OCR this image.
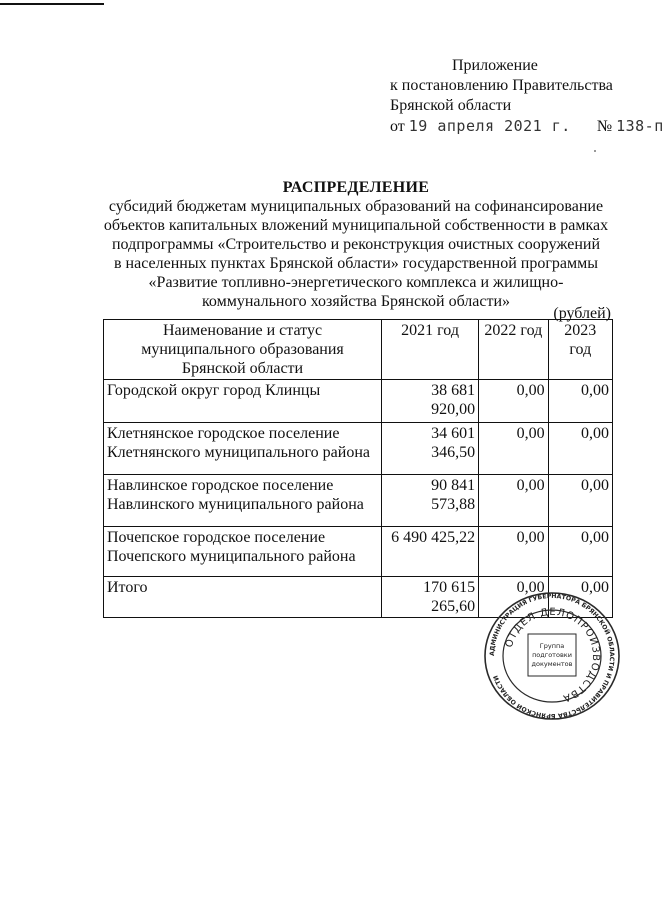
Приложение
к постановлению Правительства
Брянской области
от 19 апреля 2021 г. № 138-п
РАСПРЕДЕЛЕНИЕ
субсидий бюджетам муниципальных образований на софинансирование
объектов капитальных вложений муниципальной собственности в рамках
подпрограммы «Строительство и реконструкция очистных сооружений
в населенных пунктах Брянской области» государственной программы
«Развитие топливно-энергетического комплекса и жилищно-
коммунального хозяйства Брянской области»
(рублей)
Наименование и статус муниципального образования Брянской области	2021 год	2022 год	2023 год
Городской округ город Клинцы	38 681 920,00	0,00	0,00
Клетнянское городское поселение Клетнянского муниципального района	34 601 346,50	0,00	0,00
Навлинское городское поселение Навлинского муниципального района	90 841 573,88	0,00	0,00
Почепское городское поселение Почепского муниципального района	6 490 425,22	0,00	0,00
Итого	170 615 265,60	0,00	0,00
АДМИНИСТРАЦИЯ ГУБЕРНАТОРА БРЯНСКОЙ ОБЛАСТИ И ПРАВИТЕЛЬСТВА БРЯНСКОЙ ОБЛАСТИ
ОТДЕЛ ДЕЛОПРОИЗВОДСТВА
Группа
подготовки
документов
